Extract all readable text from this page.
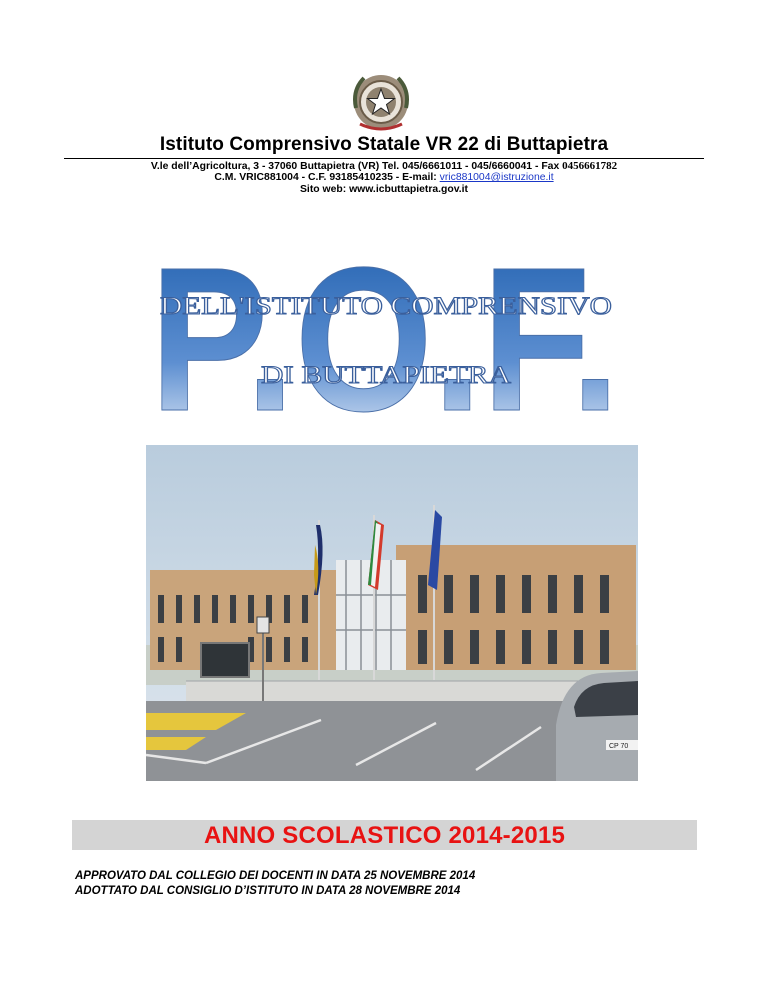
Istituto Comprensivo Statale VR 22 di Buttapietra
V.le dell’Agricoltura, 3 - 37060 Buttapietra (VR) Tel. 045/6661011 - 045/6660041 - Fax 0456661782
C.M. VRIC881004 - C.F. 93185410235 - E-mail: vric881004@istruzione.it
Sito web: www.icbuttapietra.gov.it
P.O.F.
P.O.F.
DELL'ISTITUTO COMPRENSIVO
DI BUTTAPIETRA
CP 70
ANNO SCOLASTICO 2014-2015
APPROVATO DAL COLLEGIO DEI DOCENTI IN DATA 25 NOVEMBRE 2014
ADOTTATO DAL CONSIGLIO D’ISTITUTO IN DATA 28 NOVEMBRE 2014
